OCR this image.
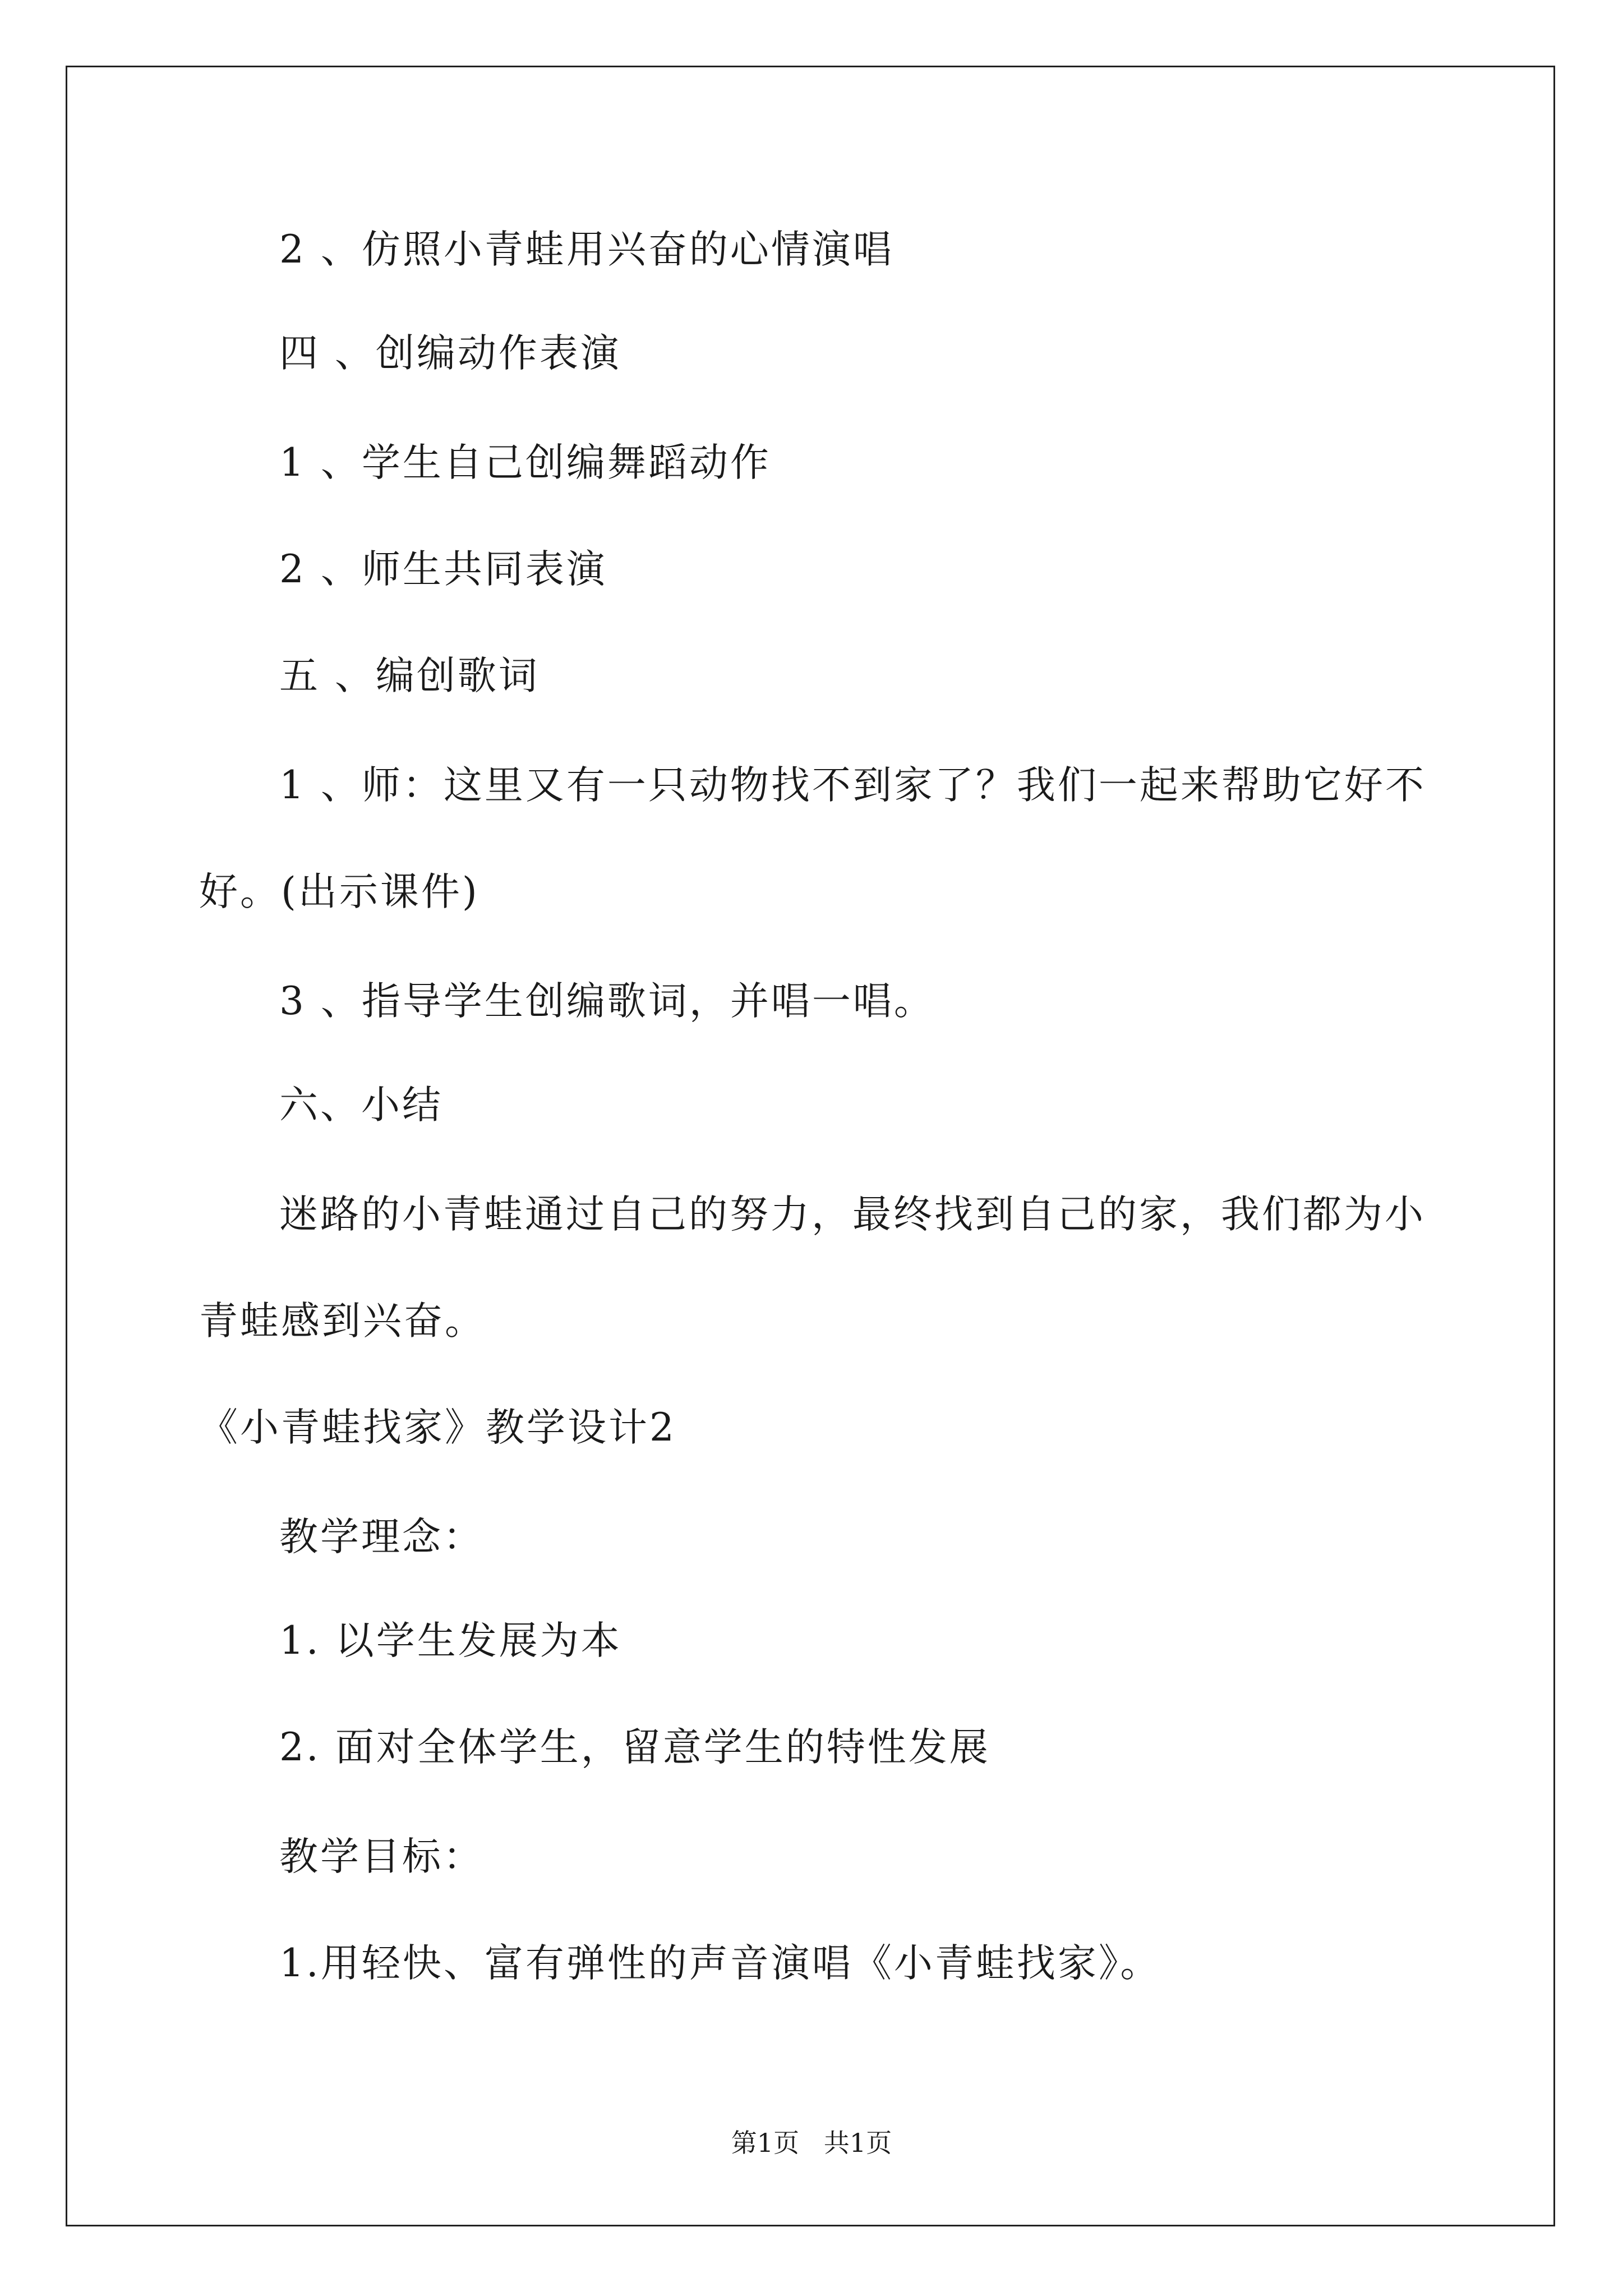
2 、仿照小青蛙用兴奋的心情演唱
四 、创编动作表演
1 、学生自己创编舞蹈动作
2 、师生共同表演
五 、编创歌词
1 、师：这里又有一只动物找不到家了？我们一起来帮助它好不
好。(出示课件)
3 、指导学生创编歌词，并唱一唱。
六、小结
迷路的小青蛙通过自己的努力，最终找到自己的家，我们都为小
青蛙感到兴奋。
《小青蛙找家》教学设计2
教学理念：
1. 以学生发展为本
2. 面对全体学生，留意学生的特性发展
教学目标：
1.用轻快、富有弹性的声音演唱《小青蛙找家》。
第1页   共1页
